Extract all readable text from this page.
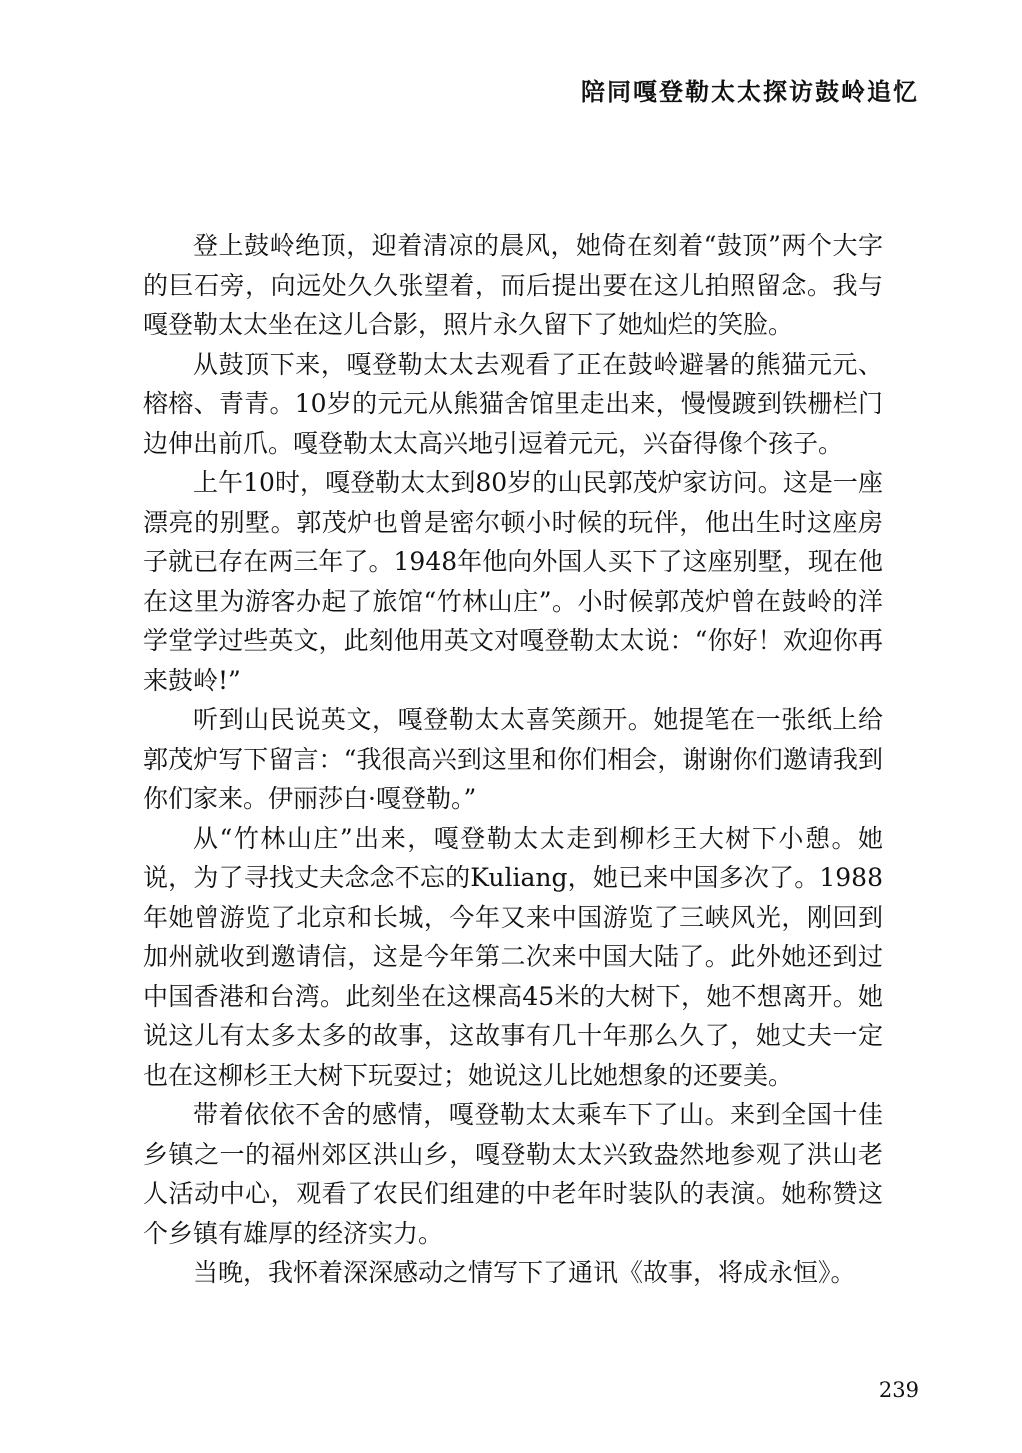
陪同嘎登勒太太探访鼓岭追忆

登上鼓岭绝顶，迎着清凉的晨风，她倚在刻着“鼓顶”两个大字的巨石旁，向远处久久张望着，而后提出要在这儿拍照留念。我与嘎登勒太太坐在这儿合影，照片永久留下了她灿烂的笑脸。

从鼓顶下来，嘎登勒太太去观看了正在鼓岭避暑的熊猫元元、榕榕、青青。10岁的元元从熊猫舍馆里走出来，慢慢踱到铁栅栏门边伸出前爪。嘎登勒太太高兴地引逗着元元，兴奋得像个孩子。

上午10时，嘎登勒太太到80岁的山民郭茂炉家访问。这是一座漂亮的别墅。郭茂炉也曾是密尔顿小时候的玩伴，他出生时这座房子就已存在两三年了。1948年他向外国人买下了这座别墅，现在他在这里为游客办起了旅馆“竹林山庄”。小时候郭茂炉曾在鼓岭的洋学堂学过些英文，此刻他用英文对嘎登勒太太说：“你好！欢迎你再来鼓岭!”

听到山民说英文，嘎登勒太太喜笑颜开。她提笔在一张纸上给郭茂炉写下留言：“我很高兴到这里和你们相会，谢谢你们邀请我到你们家来。伊丽莎白·嘎登勒。”

从“竹林山庄”出来，嘎登勒太太走到柳杉王大树下小憩。她说，为了寻找丈夫念念不忘的Kuliang，她已来中国多次了。1988年她曾游览了北京和长城，今年又来中国游览了三峡风光，刚回到加州就收到邀请信，这是今年第二次来中国大陆了。此外她还到过中国香港和台湾。此刻坐在这棵高45米的大树下，她不想离开。她说这儿有太多太多的故事，这故事有几十年那么久了，她丈夫一定也在这柳杉王大树下玩耍过；她说这儿比她想象的还要美。

带着依依不舍的感情，嘎登勒太太乘车下了山。来到全国十佳乡镇之一的福州郊区洪山乡，嘎登勒太太兴致盎然地参观了洪山老人活动中心，观看了农民们组建的中老年时装队的表演。她称赞这个乡镇有雄厚的经济实力。

当晚，我怀着深深感动之情写下了通讯《故事，将成永恒》。

239
